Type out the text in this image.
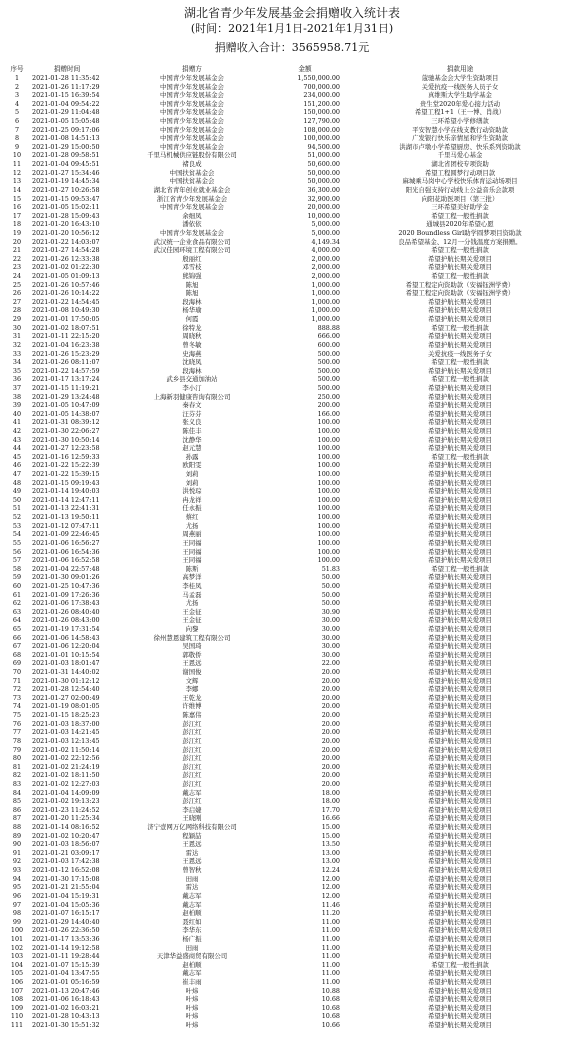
湖北省青少年发展基金会捐赠收入统计表
(时间：2021年1月1日-2021年1月31日)
捐赠收入合计：3565958.71元
序号	捐赠时间	捐赠方	金额	捐款用途
1	2021-01-28 11:35:42	中国青少年发展基金会	1,550,000.00	蔻驰基金会大学生资助项目
2	2021-01-26 11:17:29	中国青少年发展基金会	700,000.00	关爱抗疫一线医务人员子女
3	2021-01-15 16:39:54	中国青少年发展基金会	234,000.00	真维斯大学生助学基金
4	2021-01-04 09:54:22	中国青少年发展基金会	151,200.00	贵生堂2020年爱心接力活动
5	2021-01-29 11:04:48	中国青少年发展基金会	150,000.00	希望工程1+1（王一博、肖战）
6	2021-01-05 15:05:48	中国青少年发展基金会	127,790.00	三环希望小学修缮款
7	2021-01-25 09:17:06	中国青少年发展基金会	108,000.00	平安智慧小学在线支教行动资助款
8	2021-01-08 14:51:13	中国青少年发展基金会	100,000.00	广发银行快乐亲情星和学生资助款
9	2021-01-29 15:00:50	中国青少年发展基金会	94,500.00	洪湖市卢墩小学希望厨房、快乐系列资助款
10	2021-01-28 09:58:51	千里马机械供应链股份有限公司	51,000.00	千里马爱心基金
11	2021-01-04 09:45:51	褚良成	50,600.00	湖北省团校专项资助
12	2021-01-27 15:34:46	中国扶贫基金会	50,000.00	希望工程圆梦行动项目款
13	2021-01-19 14:45:34	中国扶贫基金会	50,000.00	麻城乘马岗中心学校快乐体育运动场项目
14	2021-01-27 10:26:58	湖北省青年创业就业基金会	36,300.00	阳光自强支持行动线上公益音乐会款项
15	2021-01-15 09:53:47	浙江省青少年发展基金会	32,900.00	向阳花助医项目（第三批）
16	2021-01-05 15:02:11	中国青少年发展基金会	20,000.00	三环希望美好助学金
17	2021-01-28 15:09:43	余细凤	10,000.00	希望工程一般性捐款
18	2021-01-20 16:43:10	潘依依	5,000.00	通城县2020年希望心愿
19	2021-01-20 10:56:12	中国青少年发展基金会	5,000.00	2020 Boundless Girl助学圆梦项目资助款
20	2021-01-22 14:03:07	武汉统一企业食品有限公司	4,149.34	良品希望基金、12月一分钱温度方案捐赠。
21	2021-01-27 14:54:28	武汉佳园环境工程有限公司	4,000.00	希望工程一般性捐款
22	2021-01-26 12:33:38	殷丽红	2,000.00	希望护航长期关爱项目
23	2021-01-02 01:22:30	邓雪枝	2,000.00	希望护航长期关爱项目
24	2021-01-05 01:09:13	熊锦强	2,000.00	希望工程一般性捐款
25	2021-01-26 10:57:46	陈旭	1,000.00	希望工程定向资助款（安福钰洲学费）
26	2021-01-26 10:14:22	陈旭	1,000.00	希望工程定向资助款（安福钰洲学费）
27	2021-01-22 14:54:45	段海林	1,000.00	希望护航长期关爱项目
28	2021-01-08 10:49:30	杨华瑜	1,000.00	希望护航长期关爱项目
29	2021-01-01 17:50:05	何霞	1,000.00	希望护航长期关爱项目
30	2021-01-02 18:07:51	徐特龙	888.88	希望工程一般性捐款
31	2021-01-11 22:15:20	周晓秋	666.00	希望护航长期关爱项目
32	2021-01-04 16:23:38	曾冬敏	600.00	希望护航长期关爱项目
33	2021-01-26 15:23:29	史海燕	500.00	关爱抗疫一线医务子女
34	2021-01-26 08:11:07	沈晓凤	500.00	希望工程一般性捐款
35	2021-01-22 14:57:59	段海林	500.00	希望护航长期关爱项目
36	2021-01-17 13:17:24	武乡县交通加油站	500.00	希望工程一般性捐款
37	2021-01-15 11:19:21	李小汀	500.00	希望护航长期关爱项目
38	2021-01-29 13:24:48	上海新羽健康咨询有限公司	250.00	希望护航长期关爱项目
39	2021-01-05 10:47:09	秦春文	200.00	希望护航长期关爱项目
40	2021-01-05 14:38:07	汪芬芬	166.00	希望护航长期关爱项目
41	2021-01-31 08:39:12	张义良	100.00	希望护航长期关爱项目
42	2021-01-30 22:06:27	陈佳丰	100.00	希望护航长期关爱项目
43	2021-01-30 10:50:14	沈静华	100.00	希望护航长期关爱项目
44	2021-01-27 12:23:58	赵元慧	100.00	希望护航长期关爱项目
45	2021-01-16 12:59:33	孙露	100.00	希望工程一般性捐款
46	2021-01-22 15:22:39	欧阳雯	100.00	希望护航长期关爱项目
47	2021-01-22 15:39:15	刘莉	100.00	希望护航长期关爱项目
48	2021-01-15 09:19:43	刘莉	100.00	希望护航长期关爱项目
49	2021-01-14 19:40:03	洪悦琮	100.00	希望护航长期关爱项目
50	2021-01-14 12:47:11	冉龙祥	100.00	希望护航长期关爱项目
51	2021-01-13 22:41:31	任永振	100.00	希望护航长期关爱项目
52	2021-01-13 19:50:11	蔡红	100.00	希望护航长期关爱项目
53	2021-01-12 07:47:11	尤扬	100.00	希望护航长期关爱项目
54	2021-01-09 22:46:45	周燕丽	100.00	希望护航长期关爱项目
55	2021-01-06 16:56:27	王同福	100.00	希望护航长期关爱项目
56	2021-01-06 16:54:36	王同福	100.00	希望护航长期关爱项目
57	2021-01-06 16:52:58	王同福	100.00	希望护航长期关爱项目
58	2021-01-04 22:57:48	陈斯	51.83	希望工程一般性捐款
59	2021-01-30 09:01:26	高梦洋	50.00	希望护航长期关爱项目
60	2021-01-25 10:47:36	李桂凤	50.00	希望护航长期关爱项目
61	2021-01-09 17:26:36	马孟磊	50.00	希望护航长期关爱项目
62	2021-01-06 17:38:43	尤扬	50.00	希望护航长期关爱项目
63	2021-01-26 08:40:40	王金征	30.90	希望护航长期关爱项目
64	2021-01-26 08:43:00	王金征	30.00	希望护航长期关爱项目
65	2021-01-19 17:31:54	向黎	30.00	希望护航长期关爱项目
66	2021-01-06 14:58:43	徐州慧恩建筑工程有限公司	30.00	希望护航长期关爱项目
67	2021-01-06 12:20:04	吴国琦	30.00	希望护航长期关爱项目
68	2021-01-01 10:15:54	郭敬侨	30.00	希望护航长期关爱项目
69	2021-01-03 18:01:47	王恩远	22.00	希望护航长期关爱项目
70	2021-01-31 14:40:02	谢国俊	20.00	希望护航长期关爱项目
71	2021-01-30 01:12:12	文辉	20.00	希望护航长期关爱项目
72	2021-01-28 12:54:40	李娜	20.00	希望护航长期关爱项目
73	2021-01-27 02:00:49	王乾龙	20.00	希望护航长期关爱项目
74	2021-01-19 08:01:05	许维博	20.00	希望护航长期关爱项目
75	2021-01-15 18:25:23	陈嘉伟	20.00	希望护航长期关爱项目
76	2021-01-03 18:37:00	彭江红	20.00	希望护航长期关爱项目
77	2021-01-03 14:21:45	彭江红	20.00	希望护航长期关爱项目
78	2021-01-03 12:13:45	彭江红	20.00	希望护航长期关爱项目
79	2021-01-02 11:50:14	彭江红	20.00	希望护航长期关爱项目
80	2021-01-02 22:12:56	彭江红	20.00	希望护航长期关爱项目
81	2021-01-02 21:24:19	彭江红	20.00	希望护航长期关爱项目
82	2021-01-02 18:11:50	彭江红	20.00	希望护航长期关爱项目
83	2021-01-02 12:27:03	彭江红	20.00	希望护航长期关爱项目
84	2021-01-04 14:09:09	戴志军	18.00	希望护航长期关爱项目
85	2021-01-02 19:13:23	彭江红	18.00	希望护航长期关爱项目
86	2021-01-23 11:24:52	李启婕	17.70	希望护航长期关爱项目
87	2021-01-20 11:25:34	王晓刚	16.66	希望护航长期关爱项目
88	2021-01-14 08:16:52	济宁壹网万亿网络科技有限公司	15.00	希望护航长期关爱项目
89	2021-01-02 10:20:47	程颖喆	15.00	希望护航长期关爱项目
90	2021-01-03 18:56:07	王恩远	13.50	希望护航长期关爱项目
91	2021-01-21 03:09:17	雷达	13.00	希望护航长期关爱项目
92	2021-01-03 17:42:38	王恩远	13.00	希望护航长期关爱项目
93	2021-01-12 16:52:08	曾智秋	12.24	希望护航长期关爱项目
94	2021-01-30 17:15:08	田雨	12.00	希望护航长期关爱项目
95	2021-01-21 21:55:04	雷达	12.00	希望护航长期关爱项目
96	2021-01-04 15:19:31	戴志军	12.00	希望护航长期关爱项目
97	2021-01-04 15:05:36	戴志军	11.46	希望护航长期关爱项目
98	2021-01-07 16:15:17	赵柏顺	11.20	希望护航长期关爱项目
99	2021-01-29 14:40:40	聂红如	11.00	希望护航长期关爱项目
100	2021-01-26 22:36:50	李华东	11.00	希望护航长期关爱项目
101	2021-01-17 13:53:36	杨广振	11.00	希望护航长期关爱项目
102	2021-01-14 19:12:58	田雨	11.00	希望护航长期关爱项目
103	2021-01-11 19:28:44	天津华益盛商贸有限公司	11.00	希望护航长期关爱项目
104	2021-01-07 15:15:39	赵柏顺	11.00	希望工程一般性捐款
105	2021-01-04 13:47:55	戴志军	11.00	希望护航长期关爱项目
106	2021-01-01 05:16:59	崔丰雨	11.00	希望护航长期关爱项目
107	2021-01-13 20:47:46	叶炜	10.88	希望护航长期关爱项目
108	2021-01-06 16:18:43	叶炜	10.68	希望护航长期关爱项目
109	2021-01-02 16:03:21	叶炜	10.68	希望护航长期关爱项目
110	2021-01-28 10:43:13	叶炜	10.68	希望护航长期关爱项目
111	2021-01-30 15:51:32	叶炜	10.66	希望护航长期关爱项目
